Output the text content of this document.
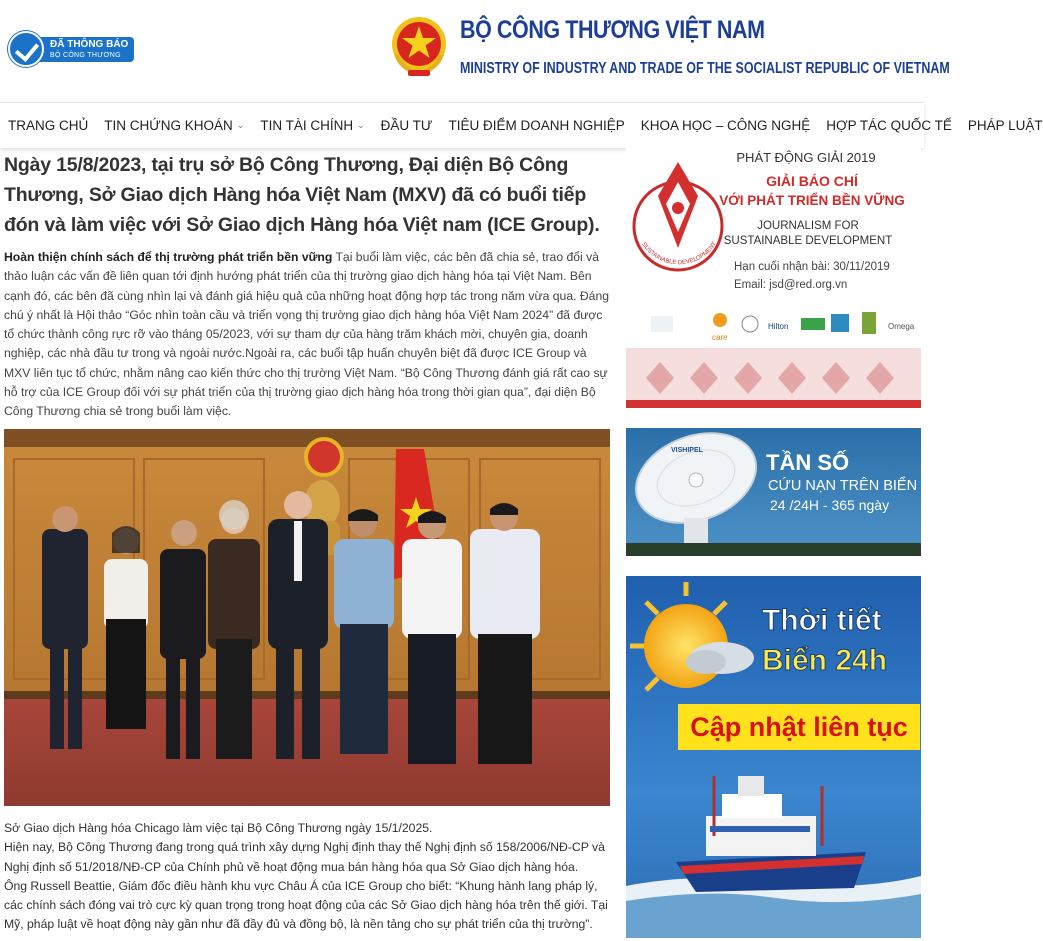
ĐÃ THÔNG BÁO
BỘ CÔNG THƯƠNG
BỘ CÔNG THƯƠNG VIỆT NAM
MINISTRY OF INDUSTRY AND TRADE OF THE SOCIALIST REPUBLIC OF VIETNAM
TRANG CHỦ TIN CHỨNG KHOÁN ⌄ TIN TÀI CHÍNH ⌄ ĐẦU TƯ TIÊU ĐIỂM DOANH NGHIỆP KHOA HỌC – CÔNG NGHỆ HỢP TÁC QUỐC TẾ PHÁP LUẬT
Ngày 15/8/2023, tại trụ sở Bộ Công Thương, Đại diện Bộ Công Thương, Sở Giao dịch Hàng hóa Việt Nam (MXV) đã có buổi tiếp đón và làm việc với Sở Giao dịch Hàng hóa Việt nam (ICE Group).

Hoàn thiện chính sách để thị trường phát triển bền vững Tại buổi làm việc, các bên đã chia sẻ, trao đổi và thảo luận các vấn đề liên quan tới định hướng phát triển của thị trường giao dịch hàng hóa tại Việt Nam. Bên cạnh đó, các bên đã cùng nhìn lại và đánh giá hiệu quả của những hoạt động hợp tác trong năm vừa qua. Đáng chú ý nhất là Hội thảo “Góc nhìn toàn cầu và triển vọng thị trường giao dịch hàng hóa Việt Nam 2024” đã được tổ chức thành công rực rỡ vào tháng 05/2023, với sự tham dự của hàng trăm khách mời, chuyên gia, doanh nghiệp, các nhà đầu tư trong và ngoài nước.Ngoài ra, các buổi tập huấn chuyên biệt đã được ICE Group và MXV liên tục tổ chức, nhằm nâng cao kiến thức cho thị trường Việt Nam. “Bộ Công Thương đánh giá rất cao sự hỗ trợ của ICE Group đối với sự phát triển của thị trường giao dịch hàng hóa trong thời gian qua”, đại diện Bộ Công Thương chia sẻ trong buổi làm việc.

Sở Giao dịch Hàng hóa Chicago làm việc tại Bộ Công Thương ngày 15/1/2025.

Hiện nay, Bộ Công Thương đang trong quá trình xây dựng Nghị định thay thế Nghị định số 158/2006/NĐ-CP và Nghị định số 51/2018/NĐ-CP của Chính phủ về hoạt động mua bán hàng hóa qua Sở Giao dịch hàng hóa.

Ông Russell Beattie, Giám đốc điều hành khu vực Châu Á của ICE Group cho biết: “Khung hành lang pháp lý, các chính sách đóng vai trò cực kỳ quan trọng trong hoạt động của các Sở Giao dịch hàng hóa trên thế giới. Tại Mỹ, pháp luật về hoạt động này gần như đã đầy đủ và đồng bộ, là nền tảng cho sự phát triển của thị trường”.

PHÁT ĐỘNG GIẢI 2019
GIẢI BÁO CHÍ
VỚI PHÁT TRIỂN BỀN VỮNG
JOURNALISM FOR
SUSTAINABLE DEVELOPMENT
Hạn cuối nhận bài: 30/11/2019
Email: jsd@red.org.vn
SUSTAINABLE DEVELOPMENT
care
Hilton	Omega
VISHIPEL	TẦN SỐ
CỨU NẠN TRÊN BIỂN
24 /24H - 365 ngày
Thời tiết
Biển 24h
Cập nhật liên tục
